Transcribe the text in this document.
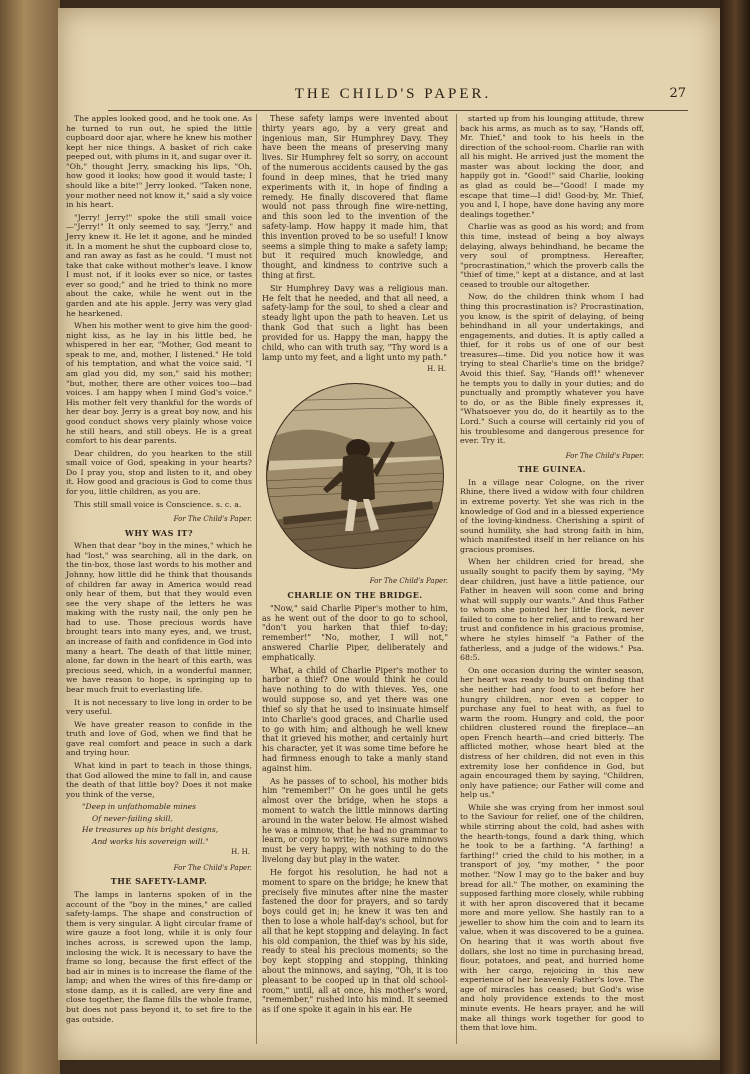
THE CHILD'S PAPER.	27

The apples looked good, and he took one. As he turned to run out, he spied the little cupboard door ajar, where he knew his mother kept her nice things. A basket of rich cake peeped out, with plums in it, and sugar over it. "Oh," thought Jerry, smacking his lips, "Oh, how good it looks; how good it would taste; I should like a bite!" Jerry looked. "Taken none, your mother need not know it," said a sly voice in his heart.

"Jerry! Jerry!" spoke the still small voice—"Jerry!" It only seemed to say, "Jerry," and Jerry knew it. He let it agone, and he minded it. In a moment he shut the cupboard close to, and ran away as fast as he could. "I must not take that cake without mother's leave. I know I must not, if it looks ever so nice, or tastes ever so good;" and he tried to think no more about the cake, while he went out in the garden and ate his apple. Jerry was very glad he hearkened.

When his mother went to give him the good-night kiss, as he lay in his little bed, he whispered in her ear, "Mother, God meant to speak to me, and, mother, I listened." He told of his temptation, and what the voice said. "I am glad you did, my son," said his mother; "but, mother, there are other voices too—bad voices. I am happy when I mind God's voice." His mother felt very thankful for the words of her dear boy. Jerry is a great boy now, and his good conduct shows very plainly whose voice he still hears, and still obeys. He is a great comfort to his dear parents.

Dear children, do you hearken to the still small voice of God, speaking in your hearts? Do I pray you, stop and listen to it, and obey it. How good and gracious is God to come thus for you, little children, as you are.

This still small voice is Conscience. s. c. a.

For The Child's Paper.
WHY WAS IT?

When that dear "boy in the mines," which he had "lost," was searching, all in the dark, on the tin-box, those last words to his mother and Johnny, how little did he think that thousands of children far away in America would read only hear of them, but that they would even see the very shape of the letters he was making with the rusty nail, the only pen he had to use. Those precious words have brought tears into many eyes, and, we trust, an increase of faith and confidence in God into many a heart. The death of that little miner, alone, far down in the heart of this earth, was precious seed, which, in a wonderful manner, we have reason to hope, is springing up to bear much fruit to everlasting life.

It is not necessary to live long in order to be very useful.

We have greater reason to confide in the truth and love of God, when we find that he gave real comfort and peace in such a dark and trying hour.

What kind in part to teach in those things, that God allowed the mine to fall in, and cause the death of that little boy? Does it not make you think of the verse,

"Deep in unfathomable mines
Of never-failing skill,
He treasures up his bright designs,
And works his sovereign will."
H. H.
For The Child's Paper.
THE SAFETY-LAMP.

The lamps in lanterns spoken of in the account of the "boy in the mines," are called safety-lamps. The shape and construction of them is very singular. A light circular frame of wire gauze a foot long, while it is only four inches across, is screwed upon the lamp, inclosing the wick. It is necessary to have the frame so long, because the first effect of the bad air in mines is to increase the flame of the lamp; and when the wires of this fire-damp or stone damp, as it is called, are very fine and close together, the flame fills the whole frame, but does not pass beyond it, to set fire to the gas outside.

These safety lamps were invented about thirty years ago, by a very great and ingenious man, Sir Humphrey Davy. They have been the means of preserving many lives. Sir Humphrey felt so sorry, on account of the numerous accidents caused by the gas found in deep mines, that he tried many experiments with it, in hope of finding a remedy. He finally discovered that flame would not pass through fine wire-netting, and this soon led to the invention of the safety-lamp. How happy it made him, that this invention proved to be so useful! I know seems a simple thing to make a safety lamp; but it required much knowledge, and thought, and kindness to contrive such a thing at first.

Sir Humphrey Davy was a religious man. He felt that he needed, and that all need, a safety-lamp for the soul, to shed a clear and steady light upon the path to heaven. Let us thank God that such a light has been provided for us. Happy the man, happy the child, who can with truth say, "Thy word is a lamp unto my feet, and a light unto my path."

H. H.
For The Child's Paper.
CHARLIE ON THE BRIDGE.

"Now," said Charlie Piper's mother to him, as he went out of the door to go to school, "don't you harken that thief to-day; remember!" "No, mother, I will not," answered Charlie Piper, deliberately and emphatically.

What, a child of Charlie Piper's mother to harbor a thief? One would think he could have nothing to do with thieves. Yes, one would suppose so, and yet there was one thief so sly that he used to insinuate himself into Charlie's good graces, and Charlie used to go with him; and although he well knew that it grieved his mother, and certainly hurt his character, yet it was some time before he had firmness enough to take a manly stand against him.

As he passes of to school, his mother bids him "remember!" On he goes until he gets almost over the bridge, when he stops a moment to watch the little minnows darting around in the water below. He almost wished he was a minnow, that he had no grammar to learn, or copy to write; he was sure minnows must be very happy, with nothing to do the livelong day but play in the water.

He forgot his resolution, he had not a moment to spare on the bridge; he knew that precisely five minutes after nine the master fastened the door for prayers, and so tardy boys could get in; he knew it was ten and then to lose a whole half-day's school, but for all that he kept stopping and delaying. In fact his old companion, the thief was by his side, ready to steal his precious moments; so the boy kept stopping and stopping, thinking about the minnows, and saying, "Oh, it is too pleasant to be cooped up in that old school-room," until, all at once, his mother's word, "remember," rushed into his mind. It seemed as if one spoke it again in his ear. He

started up from his lounging attitude, threw back his arms, as much as to say, "Hands off, Mr. Thief," and took to his heels in the direction of the school-room. Charlie ran with all his might. He arrived just the moment the master was about locking the door, and happily got in. "Good!" said Charlie, looking as glad as could be—"Good! I made my escape that time—I did! Good-by, Mr. Thief, you and I, I hope, have done having any more dealings together."

Charlie was as good as his word; and from this time, instead of being a boy always delaying, always behindhand, he became the very soul of promptness. Hereafter, "procrastination," which the proverb calls the "thief of time," kept at a distance, and at last ceased to trouble our altogether.

Now, do the children think whom I had thing this procrastination is? Procrastination, you know, is the spirit of delaying, of being behindhand in all your undertakings, and engagements, and duties. It is aptly called a thief, for it robs us of one of our best treasures—time. Did you notice how it was trying to steal Charlie's time on the bridge? Avoid this thief. Say, "Hands off!" whenever he tempts you to dally in your duties; and do punctually and promptly whatever you have to do, or as the Bible finely expresses it, "Whatsoever you do, do it heartily as to the Lord." Such a course will certainly rid you of his troublesome and dangerous presence for ever. Try it.

For The Child's Paper.
THE GUINEA.

In a village near Cologne, on the river Rhine, there lived a widow with four children in extreme poverty. Yet she was rich in the knowledge of God and in a blessed experience of the loving-kindness. Cherishing a spirit of sound humility, she had strong faith in him, which manifested itself in her reliance on his gracious promises.

When her children cried for bread, she usually sought to pacify them by saying, "My dear children, just have a little patience, our Father in heaven will soon come and bring what will supply our wants." And thus Father to whom she pointed her little flock, never failed to come to her relief, and to reward her trust and confidence in his gracious promise, where he styles himself "a Father of the fatherless, and a judge of the widows." Psa. 68:5.

On one occasion during the winter season, her heart was ready to burst on finding that she neither had any food to set before her hungry children, nor even a copper to purchase any fuel to heat with, as fuel to warm the room. Hungry and cold, the poor children clustered round the fireplace—an open French hearth—and cried bitterly. The afflicted mother, whose heart bled at the distress of her children, did not even in this extremity lose her confidence in God, but again encouraged them by saying, "Children, only have patience; our Father will come and help us."

While she was crying from her inmost soul to the Saviour for relief, one of the children, while stirring about the cold, had ashes with the hearth-tongs, found a dark thing, which he took to be a farthing. "A farthing! a farthing!" cried the child to his mother, in a transport of joy, "my mother, " the poor mother. "Now I may go to the baker and buy bread for all." The mother, on examining the supposed farthing more closely, while rubbing it with her apron discovered that it became more and more yellow. She hastily ran to a jeweller to show him the coin and to learn its value, when it was discovered to be a guinea. On hearing that it was worth about five dollars, she lost no time in purchasing bread, flour, potatoes, and peat, and hurried home with her cargo, rejoicing in this new experience of her heavenly Father's love. The age of miracles has ceased; but God's wise and holy providence extends to the most minute events. He hears prayer, and he will make all things work together for good to them that love him.
